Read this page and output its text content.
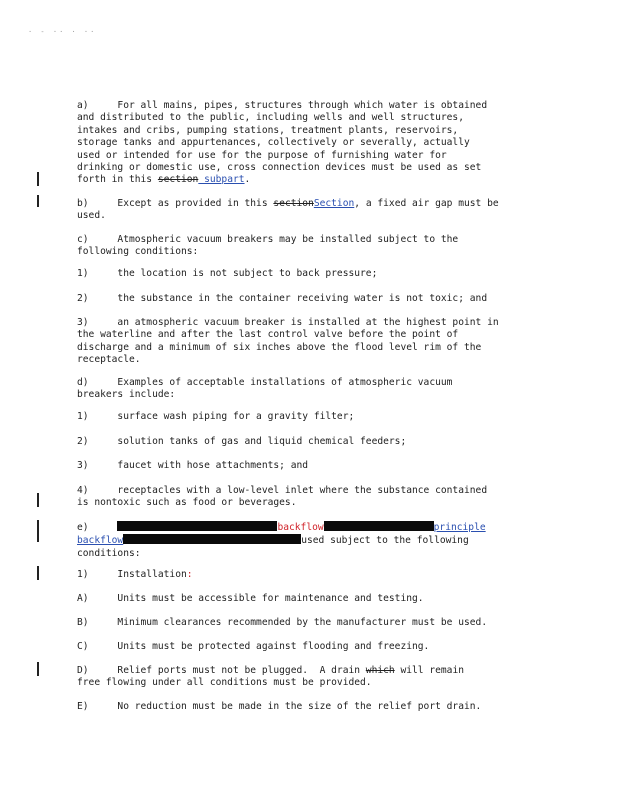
· - ·· · ··

a)     For all mains, pipes, structures through which water is obtained
and distributed to the public, including wells and well structures,
intakes and cribs, pumping stations, treatment plants, reservoirs,
storage tanks and appurtenances, collectively or severally, actually
used or intended for use for the purpose of furnishing water for
drinking or domestic use, cross connection devices must be used as set
forth in this section subpart.

b)     Except as provided in this sectionSection, a fixed air gap must be
used.

c)     Atmospheric vacuum breakers may be installed subject to the
following conditions:

1)     the location is not subject to back pressure;

2)     the substance in the container receiving water is not toxic; and

3)     an atmospheric vacuum breaker is installed at the highest point in
the waterline and after the last control valve before the point of
discharge and a minimum of six inches above the flood level rim of the
receptacle.

d)     Examples of acceptable installations of atmospheric vacuum
breakers include:

1)     surface wash piping for a gravity filter;

2)     solution tanks of gas and liquid chemical feeders;

3)     faucet with hose attachments; and

4)     receptacles with a low-level inlet where the substance contained
is nontoxic such as food or beverages.

e)	backflow	principle
backflow	used subject to the following
conditions:

1)     Installation:

A)     Units must be accessible for maintenance and testing.

B)     Minimum clearances recommended by the manufacturer must be used.

C)     Units must be protected against flooding and freezing.

D)     Relief ports must not be plugged.  A drain which will remain
free flowing under all conditions must be provided.

E)     No reduction must be made in the size of the relief port drain.
